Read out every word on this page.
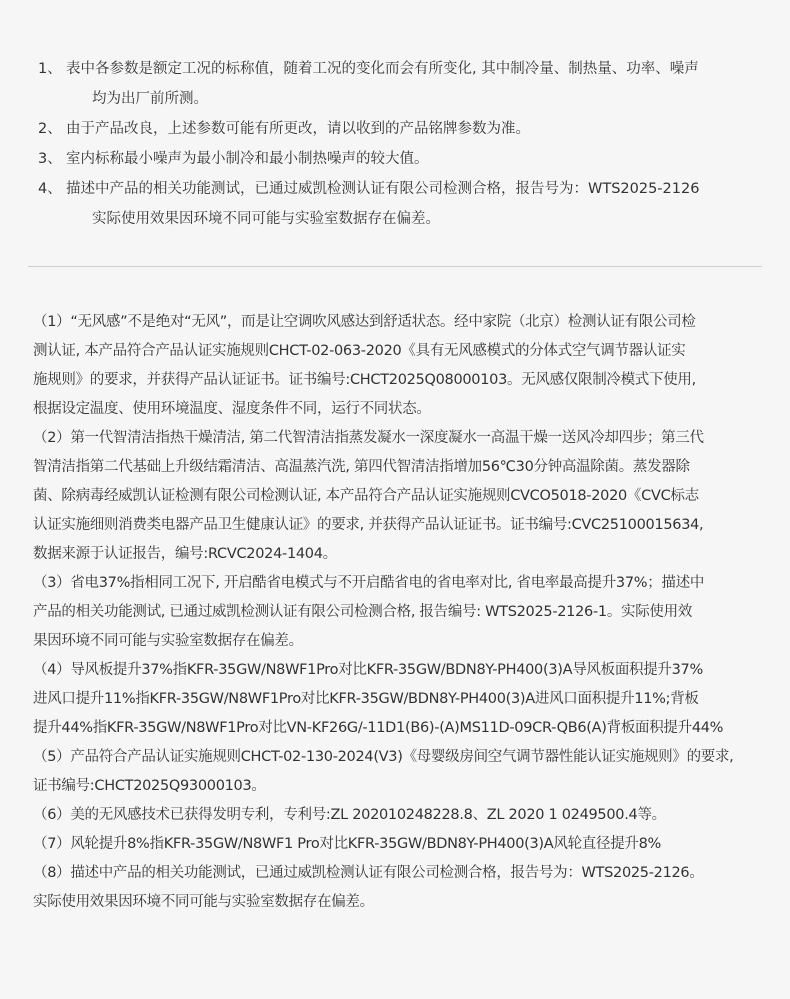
1、 表中各参数是额定工况的标称值，随着工况的变化而会有所变化, 其中制冷量、制热量、功率、噪声
均为出厂前所测。
2、 由于产品改良，上述参数可能有所更改，请以收到的产品铭牌参数为准。
3、 室内标称最小噪声为最小制冷和最小制热噪声的较大值。
4、 描述中产品的相关功能测试，已通过威凯检测认证有限公司检测合格，报告号为：WTS2025-2126
实际使用效果因环境不同可能与实验室数据存在偏差。

（1）“无风感”不是绝对“无风”，而是让空调吹风感达到舒适状态。经中家院（北京）检测认证有限公司检
测认证, 本产品符合产品认证实施规则CHCT-02-063-2020《具有无风感模式的分体式空气调节器认证实
施规则》的要求，并获得产品认证证书。证书编号:CHCT2025Q08000103。无风感仅限制冷模式下使用,
根据设定温度、使用环境温度、湿度条件不同，运行不同状态。

（2）第一代智清洁指热干燥清洁, 第二代智清洁指蒸发凝水一深度凝水一高温干燥一送风冷却四步；第三代
智清洁指第二代基础上升级结霜清洁、高温蒸汽洗, 第四代智清洁指增加56℃30分钟高温除菌。蒸发器除
菌、除病毒经威凯认证检测有限公司检测认证, 本产品符合产品认证实施规则CVCO5018-2020《CVC标志
认证实施细则消费类电器产品卫生健康认证》的要求, 并获得产品认证证书。证书编号:CVC25100015634,
数据来源于认证报告，编号:RCVC2024-1404。

（3）省电37%指相同工况下, 开启酷省电模式与不开启酷省电的省电率对比, 省电率最高提升37%；描述中
产品的相关功能测试, 已通过威凯检测认证有限公司检测合格, 报告编号: WTS2025-2126-1。实际使用效
果因环境不同可能与实验室数据存在偏差。

（4）导风板提升37%指KFR-35GW/N8WF1Pro对比KFR-35GW/BDN8Y-PH400(3)A导风板面积提升37%
进风口提升11%指KFR-35GW/N8WF1Pro对比KFR-35GW/BDN8Y-PH400(3)A进风口面积提升11%;背板
提升44%指KFR-35GW/N8WF1Pro对比VN-KF26G/-11D1(B6)-(A)MS11D-09CR-QB6(A)背板面积提升44%

（5）产品符合产品认证实施规则CHCT-02-130-2024(V3)《母婴级房间空气调节器性能认证实施规则》的要求,
证书编号:CHCT2025Q93000103。

（6）美的无风感技术已获得发明专利，专利号:ZL 202010248228.8、ZL 2020 1 0249500.4等。

（7）风轮提升8%指KFR-35GW/N8WF1 Pro对比KFR-35GW/BDN8Y-PH400(3)A风轮直径提升8%

（8）描述中产品的相关功能测试，已通过威凯检测认证有限公司检测合格，报告号为：WTS2025-2126。

实际使用效果因环境不同可能与实验室数据存在偏差。
